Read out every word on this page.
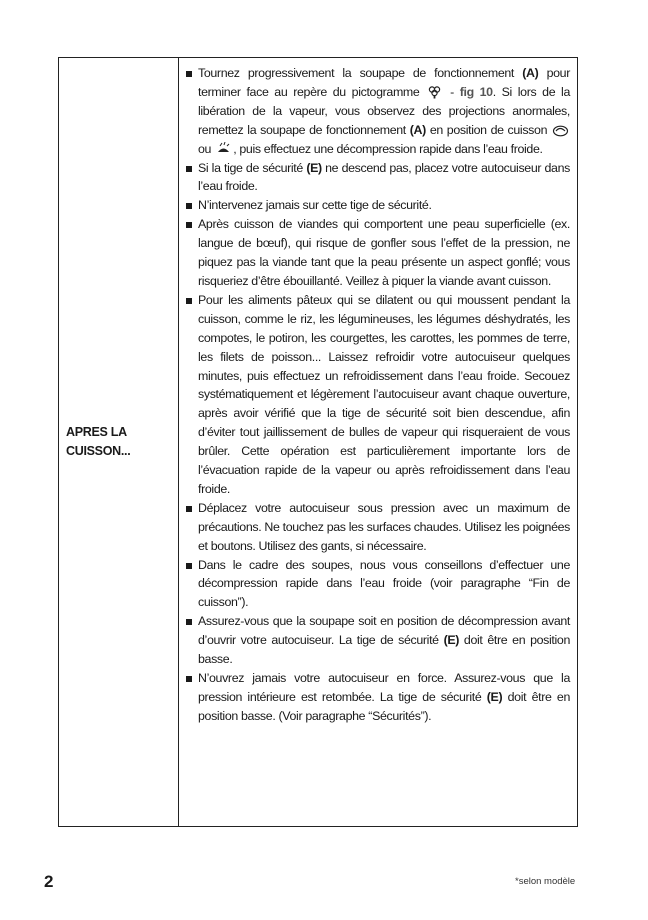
APRES LA
CUISSON...

Tournez progressivement la soupape de fonctionnement (A) pour terminer face au repère du pictogramme  - fig 10. Si lors de la libération de la vapeur, vous observez des projections anormales, remettez la soupape de fonctionnement (A) en position de cuisson  ou , puis effectuez une décompression rapide dans l’eau froide.

Si la tige de sécurité (E) ne descend pas, placez votre autocuiseur dans l’eau froide.

N’intervenez jamais sur cette tige de sécurité.

Après cuisson de viandes qui comportent une peau superficielle (ex. langue de bœuf), qui risque de gonfler sous l’effet de la pression, ne piquez pas la viande tant que la peau présente un aspect gonflé; vous risqueriez d’être ébouillanté. Veillez à piquer la viande avant cuisson.

Pour les aliments pâteux qui se dilatent ou qui moussent pendant la cuisson, comme le riz, les légumineuses, les légumes déshydratés, les compotes, le potiron, les courgettes, les carottes, les pommes de terre, les filets de poisson... Laissez refroidir votre autocuiseur quelques minutes, puis effectuez un refroidissement dans l’eau froide. Secouez systématiquement et légèrement l’autocuiseur avant chaque ouverture, après avoir vérifié que la tige de sécurité soit bien descendue, afin d’éviter tout jaillissement de bulles de vapeur qui risqueraient de vous brûler. Cette opération est particulièrement importante lors de l’évacuation rapide de la vapeur ou après refroidissement dans l’eau froide.

Déplacez votre autocuiseur sous pression avec un maximum de précautions. Ne touchez pas les surfaces chaudes. Utilisez les poignées et boutons. Utilisez des gants, si nécessaire.

Dans le cadre des soupes, nous vous conseillons d’effectuer une décompression rapide dans l’eau froide (voir paragraphe “Fin de cuisson”).

Assurez-vous que la soupape soit en position de décompression avant d’ouvrir votre autocuiseur. La tige de sécurité (E) doit être en position basse.

N’ouvrez jamais votre autocuiseur en force. Assurez-vous que la pression intérieure est retombée. La tige de sécurité (E) doit être en position basse. (Voir paragraphe “Sécurités”).

2	*selon modèle
